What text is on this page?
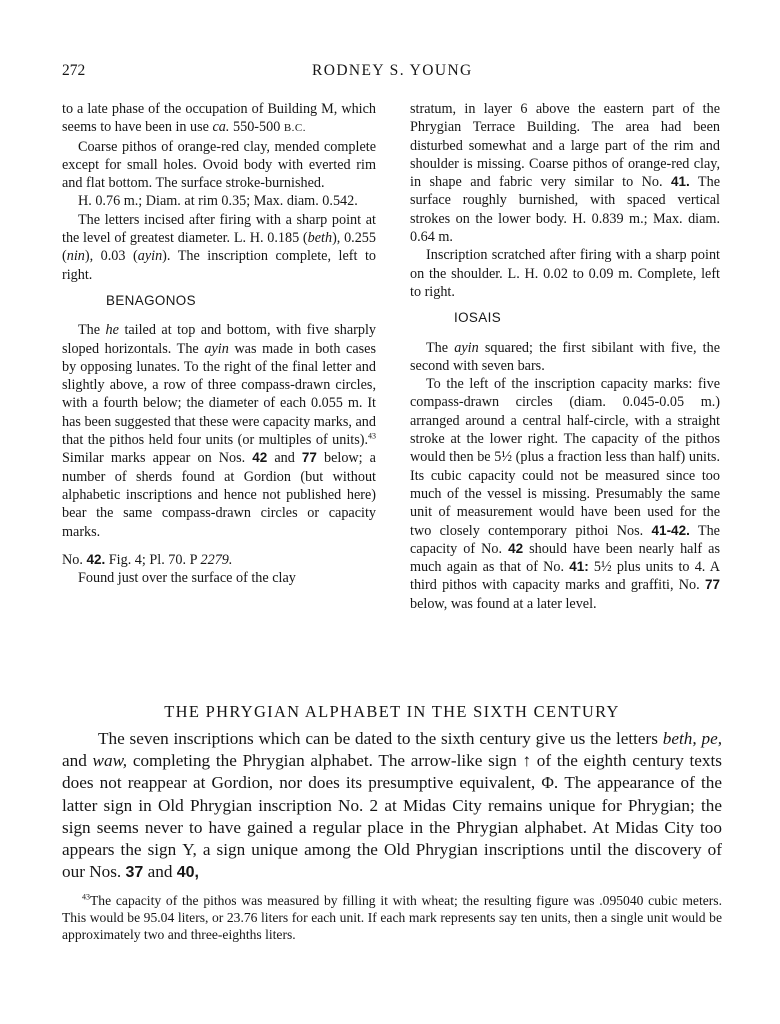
272	RODNEY S. YOUNG

to a late phase of the occupation of Building M, which seems to have been in use ca. 550-500 B.C.

Coarse pithos of orange-red clay, mended complete except for small holes. Ovoid body with everted rim and flat bottom. The surface stroke-burnished.

H. 0.76 m.; Diam. at rim 0.35; Max. diam. 0.542.

The letters incised after firing with a sharp point at the level of greatest diameter. L. H. 0.185 (beth), 0.255 (nin), 0.03 (ayin). The inscription complete, left to right.

BENAGONOS

The he tailed at top and bottom, with five sharply sloped horizontals. The ayin was made in both cases by opposing lunates. To the right of the final letter and slightly above, a row of three compass-drawn circles, with a fourth below; the diameter of each 0.055 m. It has been suggested that these were capacity marks, and that the pithos held four units (or multiples of units).$^{43}$ Similar marks appear on Nos. 42 and 77 below; a number of sherds found at Gordion (but without alphabetic inscriptions and hence not published here) bear the same compass-drawn circles or capacity marks.

No. 42. Fig. 4; Pl. 70. P 2279.

Found just over the surface of the clay

stratum, in layer 6 above the eastern part of the Phrygian Terrace Building. The area had been disturbed somewhat and a large part of the rim and shoulder is missing. Coarse pithos of orange-red clay, in shape and fabric very similar to No. 41. The surface roughly burnished, with spaced vertical strokes on the lower body. H. 0.839 m.; Max. diam. 0.64 m.

Inscription scratched after firing with a sharp point on the shoulder. L. H. 0.02 to 0.09 m. Complete, left to right.

IOSAIS

The ayin squared; the first sibilant with five, the second with seven bars.

To the left of the inscription capacity marks: five compass-drawn circles (diam. 0.045-0.05 m.) arranged around a central half-circle, with a straight stroke at the lower right. The capacity of the pithos would then be 5½ (plus a fraction less than half) units. Its cubic capacity could not be measured since too much of the vessel is missing. Presumably the same unit of measurement would have been used for the two closely contemporary pithoi Nos. 41-42. The capacity of No. 42 should have been nearly half as much again as that of No. 41: 5½ plus units to 4. A third pithos with capacity marks and graffiti, No. 77 below, was found at a later level.

THE PHRYGIAN ALPHABET IN THE SIXTH CENTURY

The seven inscriptions which can be dated to the sixth century give us the letters beth, pe, and waw, completing the Phrygian alphabet. The arrow-like sign ↑ of the eighth century texts does not reappear at Gordion, nor does its presumptive equivalent, Φ. The appearance of the latter sign in Old Phrygian inscription No. 2 at Midas City remains unique for Phrygian; the sign seems never to have gained a regular place in the Phrygian alphabet. At Midas City too appears the sign Υ, a sign unique among the Old Phrygian inscriptions until the discovery of our Nos. 37 and 40,

$^{43}$The capacity of the pithos was measured by filling it with wheat; the resulting figure was .095040 cubic meters. This would be 95.04 liters, or 23.76 liters for each unit. If each mark represents say ten units, then a single unit would be approximately two and three-eighths liters.
